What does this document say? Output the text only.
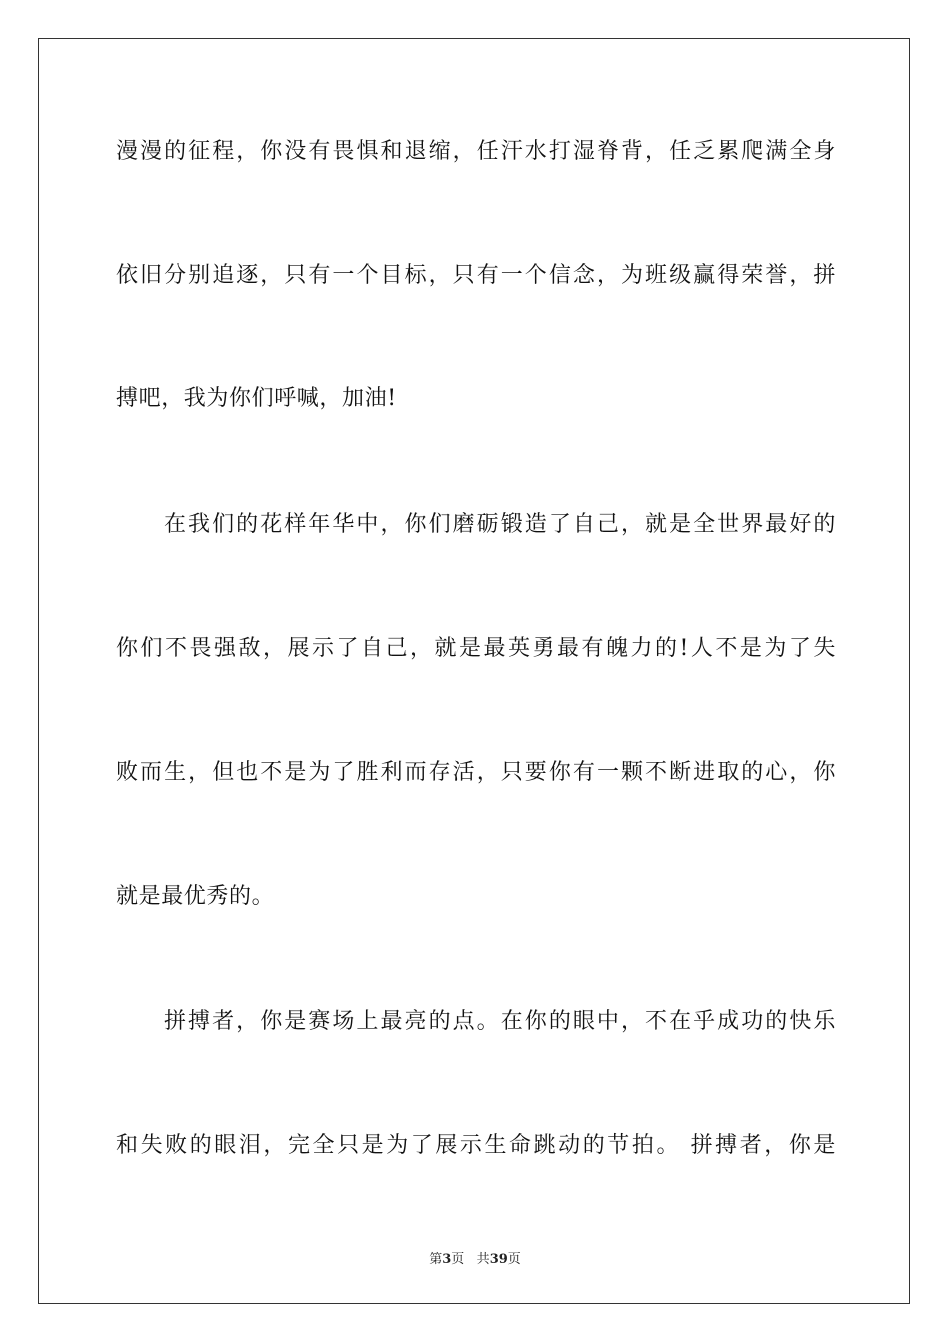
漫漫的征程，你没有畏惧和退缩，任汗水打湿脊背，任乏累爬满全身
依旧分别追逐，只有一个目标，只有一个信念，为班级赢得荣誉，拼
搏吧，我为你们呼喊，加油!
在我们的花样年华中，你们磨砺锻造了自己，就是全世界最好的
你们不畏强敌，展示了自己，就是最英勇最有魄力的!人不是为了失
败而生，但也不是为了胜利而存活，只要你有一颗不断进取的心，你
就是最优秀的。
拼搏者，你是赛场上最亮的点。在你的眼中，不在乎成功的快乐
和失败的眼泪，完全只是为了展示生命跳动的节拍。 拼搏者，你是
第3页 共39页
